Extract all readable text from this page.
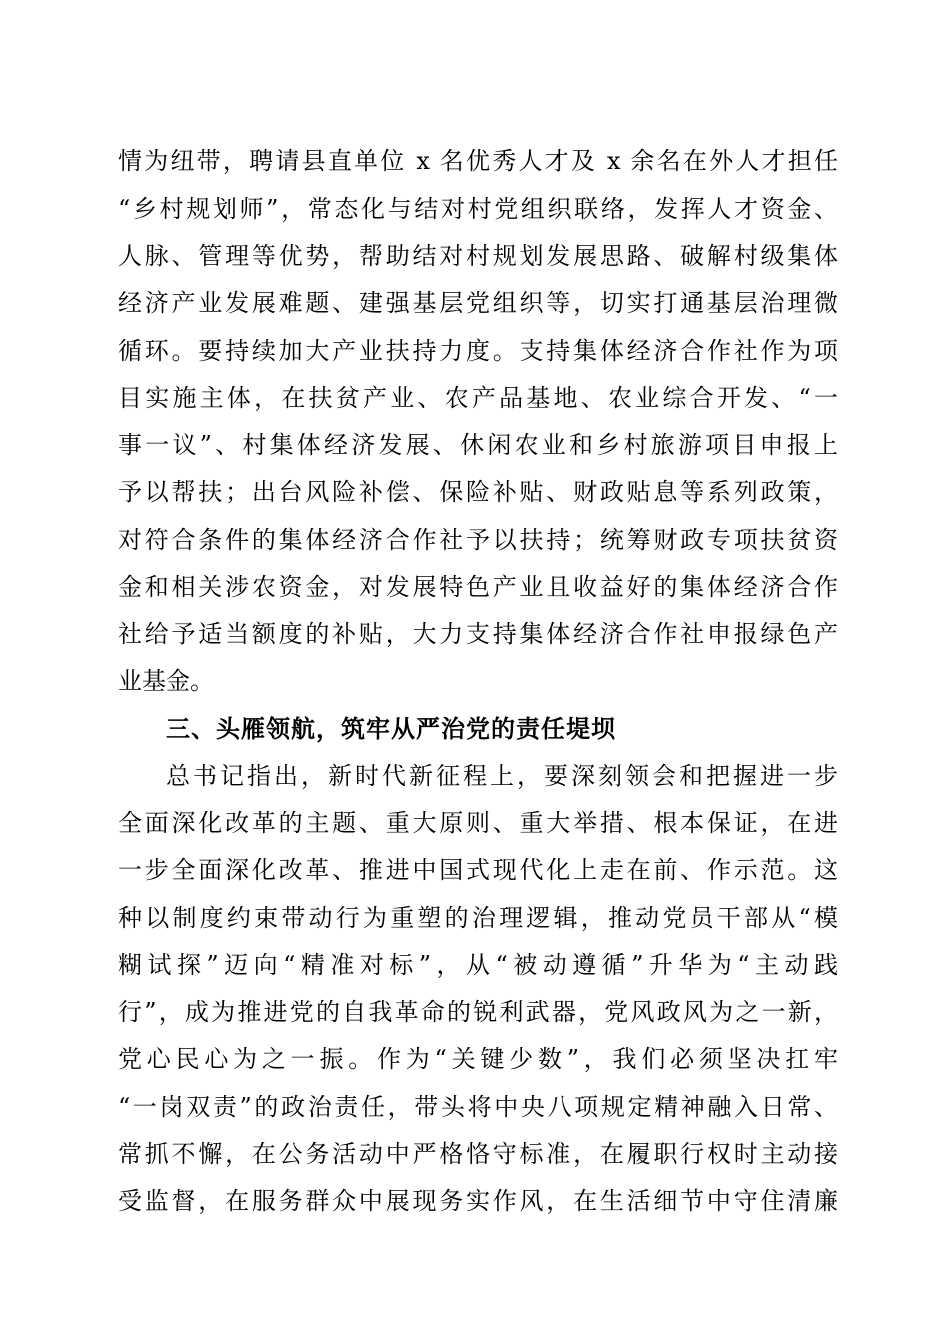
情为纽带，聘请县直单位 x 名优秀人才及 x 余名在外人才担任
“乡村规划师”，常态化与结对村党组织联络，发挥人才资金、
人脉、管理等优势，帮助结对村规划发展思路、破解村级集体
经济产业发展难题、建强基层党组织等，切实打通基层治理微
循环。要持续加大产业扶持力度。支持集体经济合作社作为项
目实施主体，在扶贫产业、农产品基地、农业综合开发、“一
事一议”、村集体经济发展、休闲农业和乡村旅游项目申报上
予以帮扶；出台风险补偿、保险补贴、财政贴息等系列政策，
对符合条件的集体经济合作社予以扶持；统筹财政专项扶贫资
金和相关涉农资金，对发展特色产业且收益好的集体经济合作
社给予适当额度的补贴，大力支持集体经济合作社申报绿色产
业基金。
三、头雁领航，筑牢从严治党的责任堤坝
总书记指出，新时代新征程上，要深刻领会和把握进一步
全面深化改革的主题、重大原则、重大举措、根本保证，在进
一步全面深化改革、推进中国式现代化上走在前、作示范。这
种以制度约束带动行为重塑的治理逻辑，推动党员干部从“模
糊试探”迈向“精准对标”，从“被动遵循”升华为“主动践
行”，成为推进党的自我革命的锐利武器，党风政风为之一新，
党心民心为之一振。作为“关键少数”，我们必须坚决扛牢
“一岗双责”的政治责任，带头将中央八项规定精神融入日常、
常抓不懈，在公务活动中严格恪守标准，在履职行权时主动接
受监督，在服务群众中展现务实作风，在生活细节中守住清廉
